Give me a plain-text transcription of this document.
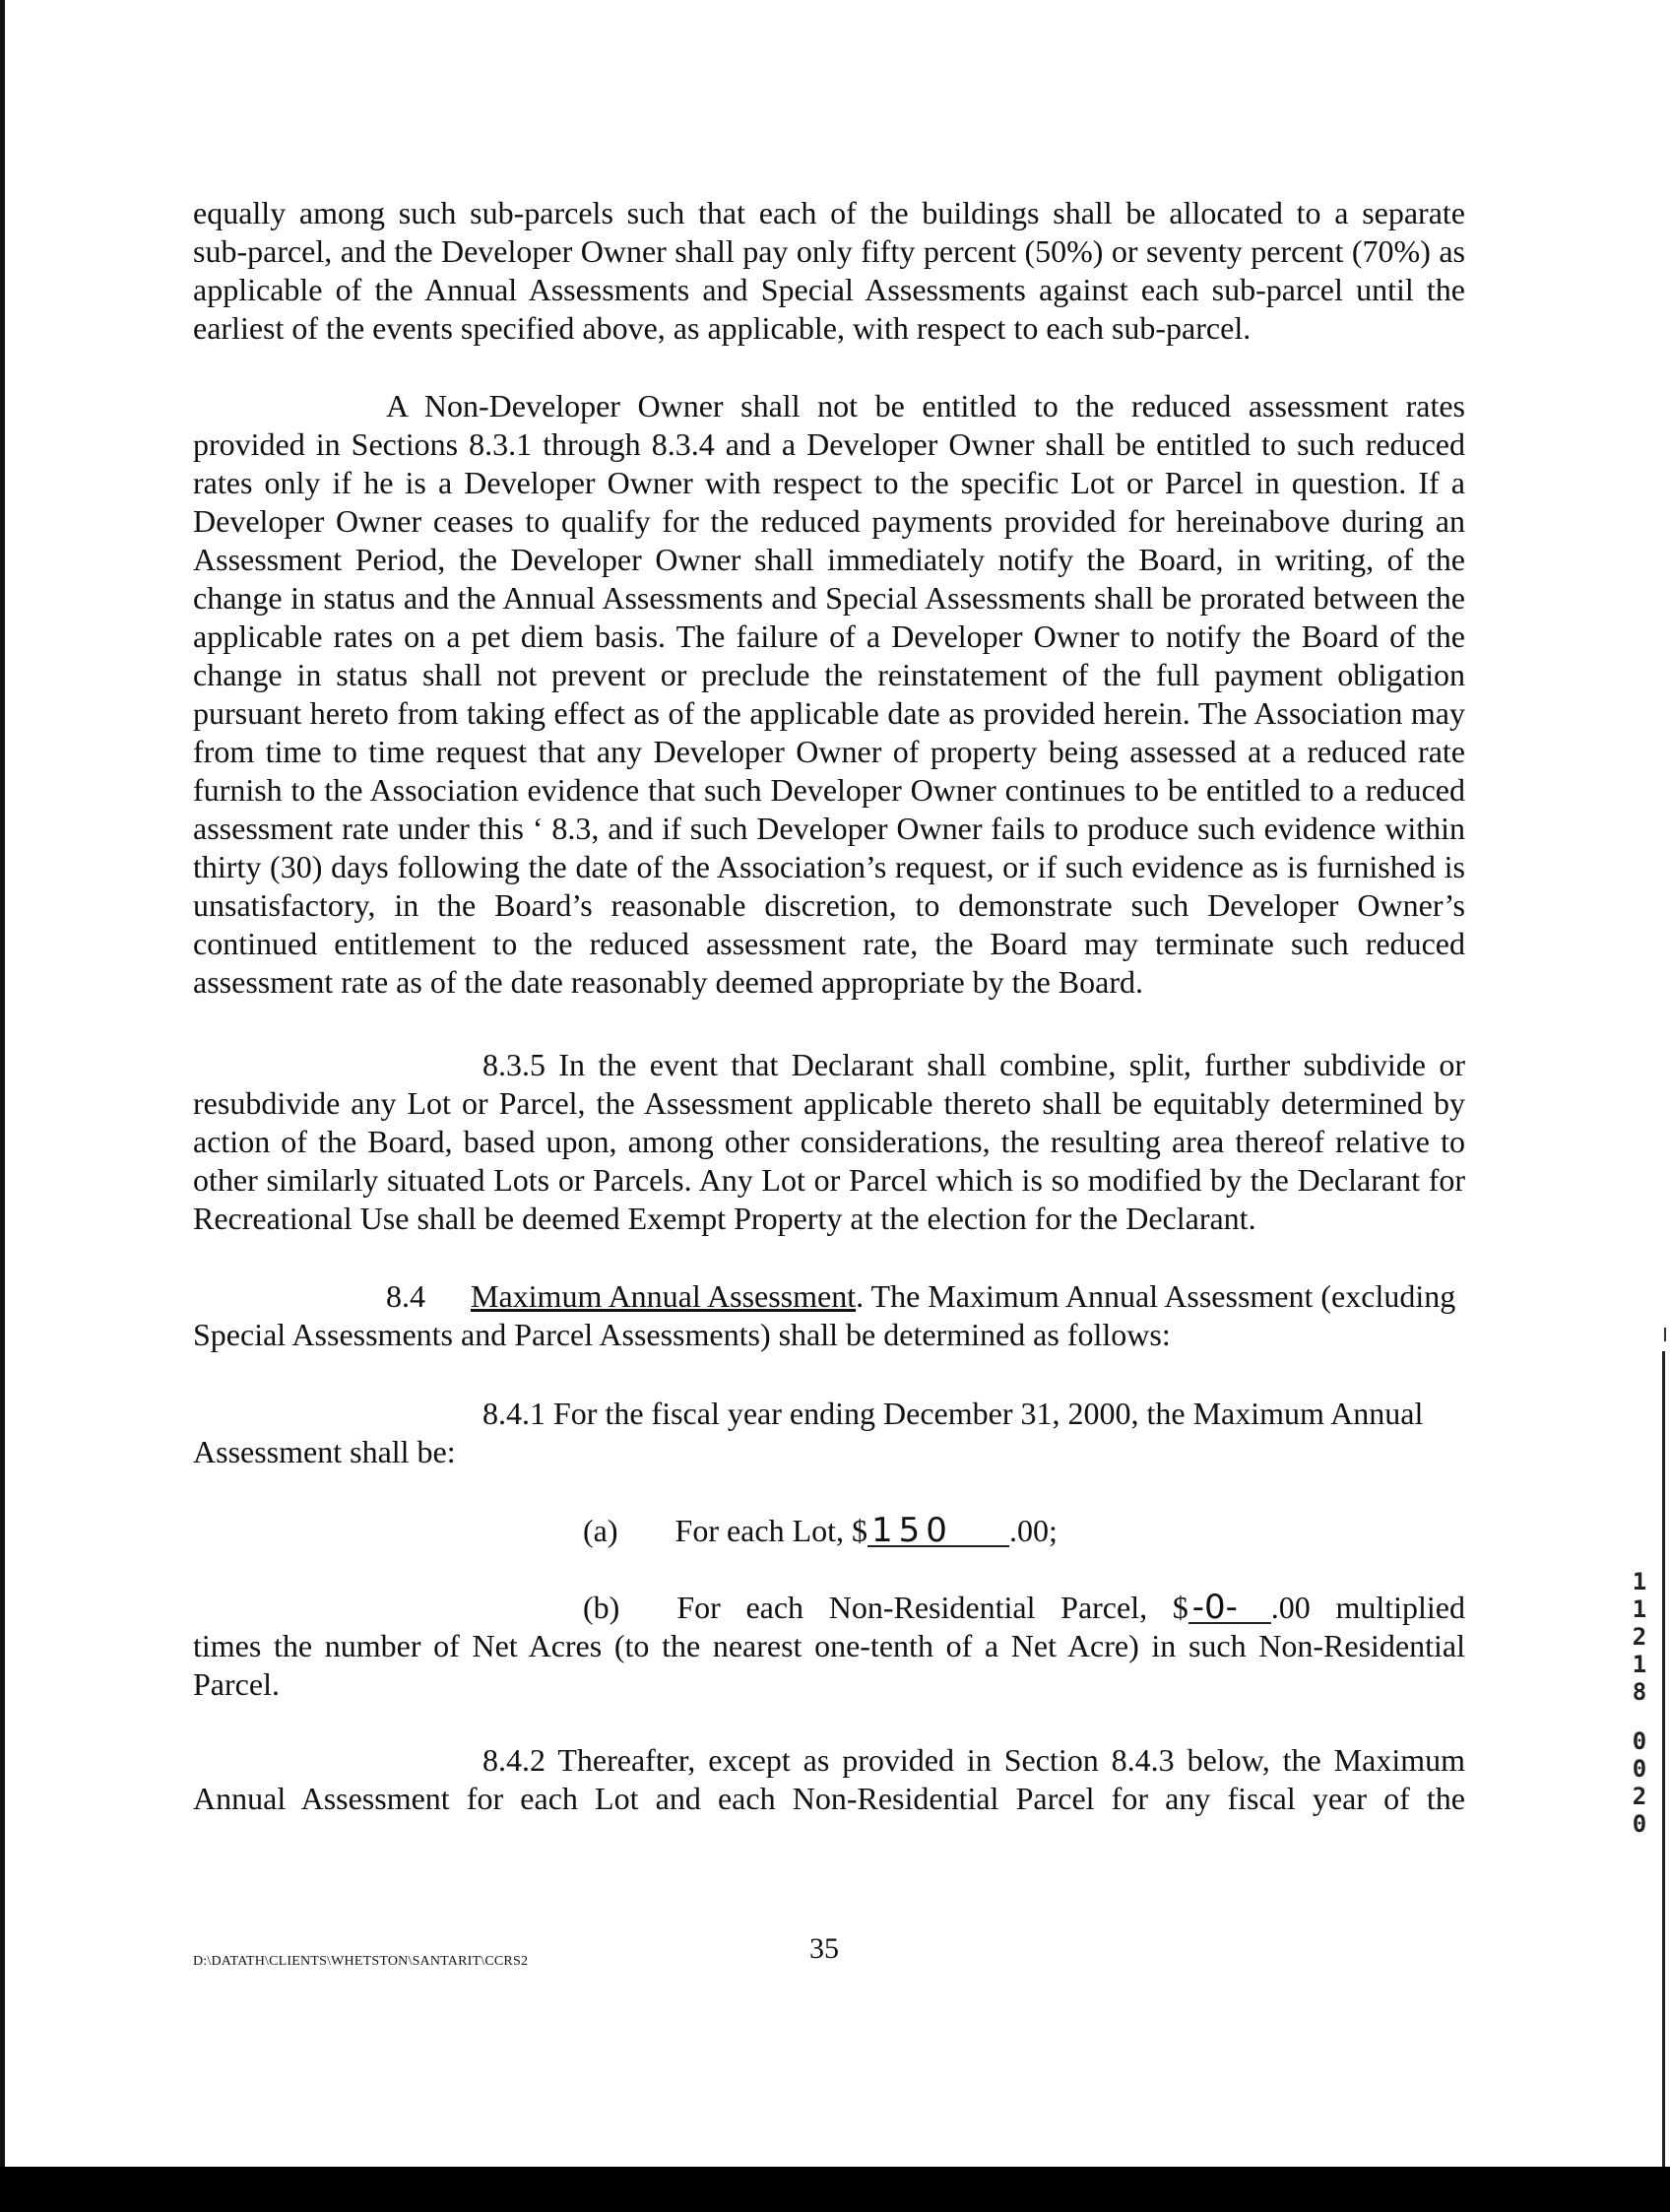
equally among such sub-parcels such that each of the buildings shall be allocated to a separate
sub-parcel, and the Developer Owner shall pay only fifty percent (50%) or seventy percent (70%) as
applicable of the Annual Assessments and Special Assessments against each sub-parcel until the
earliest of the events specified above, as applicable, with respect to each sub-parcel.
A Non-Developer Owner shall not be entitled to the reduced assessment rates
provided in Sections 8.3.1 through 8.3.4 and a Developer Owner shall be entitled to such reduced
rates only if he is a Developer Owner with respect to the specific Lot or Parcel in question. If a
Developer Owner ceases to qualify for the reduced payments provided for hereinabove during an
Assessment Period, the Developer Owner shall immediately notify the Board, in writing, of the
change in status and the Annual Assessments and Special Assessments shall be prorated between the
applicable rates on a pet diem basis. The failure of a Developer Owner to notify the Board of the
change in status shall not prevent or preclude the reinstatement of the full payment obligation
pursuant hereto from taking effect as of the applicable date as provided herein. The Association may
from time to time request that any Developer Owner of property being assessed at a reduced rate
furnish to the Association evidence that such Developer Owner continues to be entitled to a reduced
assessment rate under this ‘ 8.3, and if such Developer Owner fails to produce such evidence within
thirty (30) days following the date of the Association’s request, or if such evidence as is furnished is
unsatisfactory, in the Board’s reasonable discretion, to demonstrate such Developer Owner’s
continued entitlement to the reduced assessment rate, the Board may terminate such reduced
assessment rate as of the date reasonably deemed appropriate by the Board.
8.3.5 In the event that Declarant shall combine, split, further subdivide or
resubdivide any Lot or Parcel, the Assessment applicable thereto shall be equitably determined by
action of the Board, based upon, among other considerations, the resulting area thereof relative to
other similarly situated Lots or Parcels. Any Lot or Parcel which is so modified by the Declarant for
Recreational Use shall be deemed Exempt Property at the election for the Declarant.
8.4 Maximum Annual Assessment. The Maximum Annual Assessment (excluding
Special Assessments and Parcel Assessments) shall be determined as follows:
8.4.1 For the fiscal year ending December 31, 2000, the Maximum Annual
Assessment shall be:
(a) For each Lot, $ 150 .00;
(b) For each Non-Residential Parcel, $ -0- .00 multiplied
times the number of Net Acres (to the nearest one-tenth of a Net Acre) in such Non-Residential
Parcel.
8.4.2 Thereafter, except as provided in Section 8.4.3 below, the Maximum
Annual Assessment for each Lot and each Non-Residential Parcel for any fiscal year of the
D:\DATATH\CLIENTS\WHETSTON\SANTARIT\CCRS2	35
1
1
2
1
8
0
0
2
0
